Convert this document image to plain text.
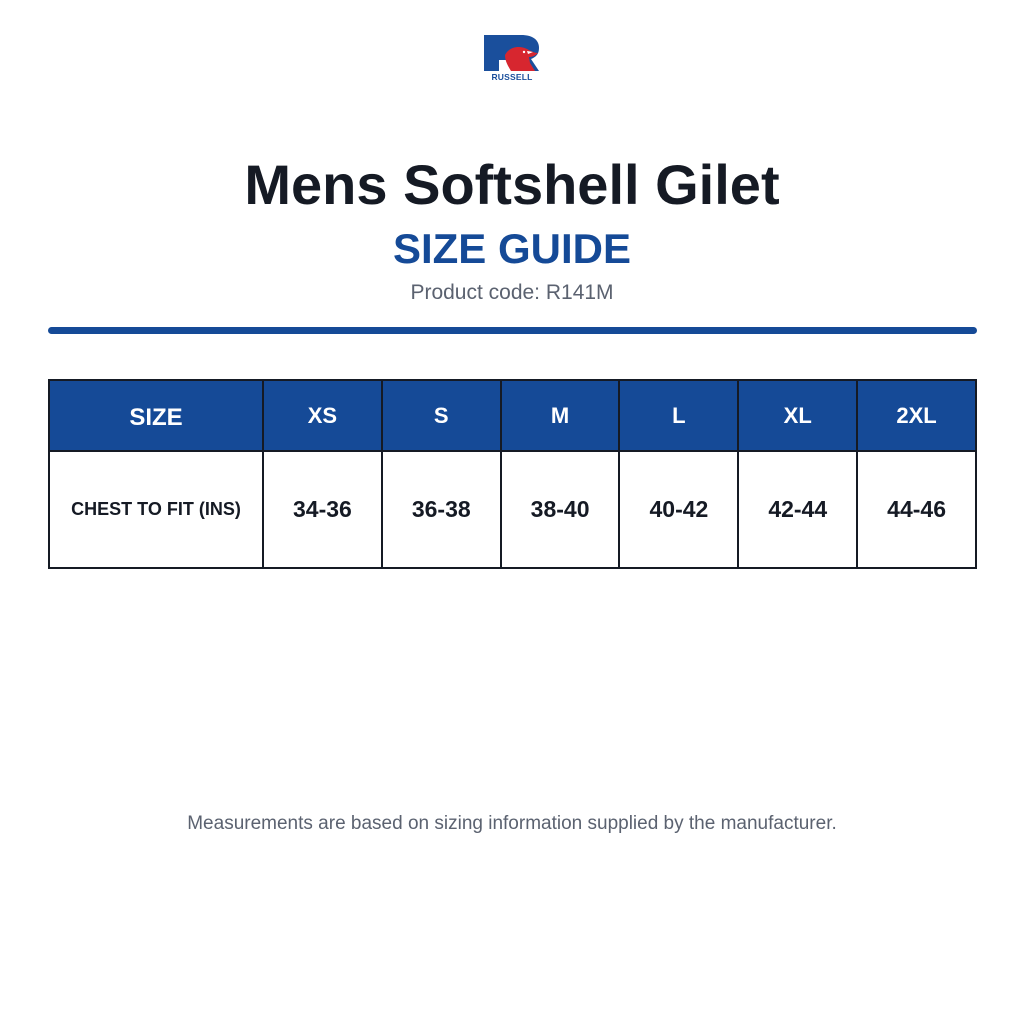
RUSSELL
Mens Softshell Gilet
SIZE GUIDE
Product code: R141M
SIZE	XS	S	M	L	XL	2XL
CHEST TO FIT (INS)	34-36	36-38	38-40	40-42	42-44	44-46
Measurements are based on sizing information supplied by the manufacturer.
